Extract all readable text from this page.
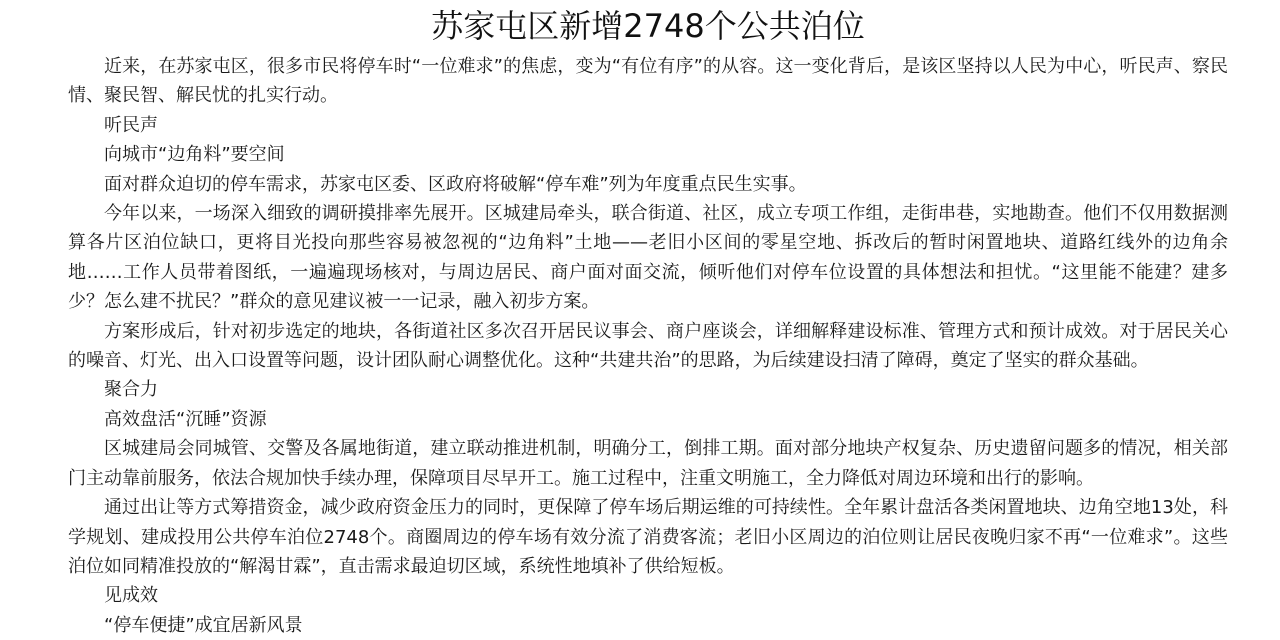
苏家屯区新增2748个公共泊位

近来，在苏家屯区，很多市民将停车时“一位难求”的焦虑，变为“有位有序”的从容。这一变化背后，是该区坚持以人民为中心，听民声、察民情、聚民智、解民忧的扎实行动。

听民声

向城市“边角料”要空间

面对群众迫切的停车需求，苏家屯区委、区政府将破解“停车难”列为年度重点民生实事。

今年以来，一场深入细致的调研摸排率先展开。区城建局牵头，联合街道、社区，成立专项工作组，走街串巷，实地勘查。他们不仅用数据测算各片区泊位缺口，更将目光投向那些容易被忽视的“边角料”土地——老旧小区间的零星空地、拆改后的暂时闲置地块、道路红线外的边角余地……工作人员带着图纸，一遍遍现场核对，与周边居民、商户面对面交流，倾听他们对停车位设置的具体想法和担忧。“这里能不能建？建多少？怎么建不扰民？”群众的意见建议被一一记录，融入初步方案。

方案形成后，针对初步选定的地块，各街道社区多次召开居民议事会、商户座谈会，详细解释建设标准、管理方式和预计成效。对于居民关心的噪音、灯光、出入口设置等问题，设计团队耐心调整优化。这种“共建共治”的思路，为后续建设扫清了障碍，奠定了坚实的群众基础。

聚合力

高效盘活“沉睡”资源

区城建局会同城管、交警及各属地街道，建立联动推进机制，明确分工，倒排工期。面对部分地块产权复杂、历史遗留问题多的情况，相关部门主动靠前服务，依法合规加快手续办理，保障项目尽早开工。施工过程中，注重文明施工，全力降低对周边环境和出行的影响。

通过出让等方式筹措资金，减少政府资金压力的同时，更保障了停车场后期运维的可持续性。全年累计盘活各类闲置地块、边角空地13处，科学规划、建成投用公共停车泊位2748个。商圈周边的停车场有效分流了消费客流；老旧小区周边的泊位则让居民夜晚归家不再“一位难求”。这些泊位如同精准投放的“解渴甘霖”，直击需求最迫切区域，系统性地填补了供给短板。

见成效

“停车便捷”成宜居新风景
